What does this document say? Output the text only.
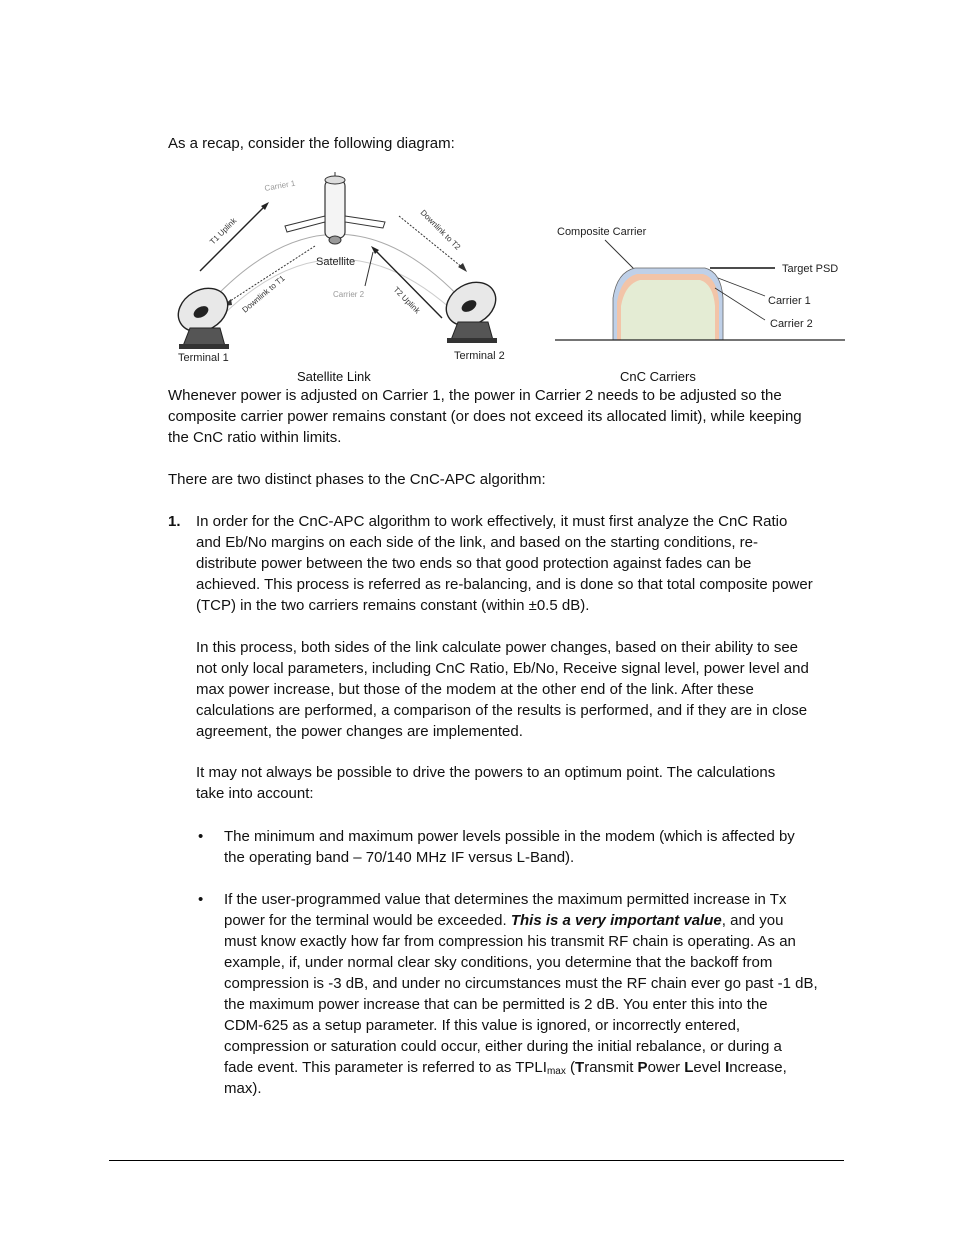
As a recap, consider the following diagram:
Satellite
Carrier 1
Carrier 2
T1 Uplink
Downlink to T1
Downlink to T2
T2 Uplink
Terminal 1	Terminal 2
Satellite Link
Composite Carrier
Target PSD
Carrier 1
Carrier 2
CnC Carriers
Whenever power is adjusted on Carrier 1, the power in Carrier 2 needs to be adjusted so the
composite carrier power remains constant (or does not exceed its allocated limit), while keeping
the CnC ratio within limits.
There are two distinct phases to the CnC-APC algorithm:
1. In order for the CnC-APC algorithm to work effectively, it must first analyze the CnC Ratio
and Eb/No margins on each side of the link, and based on the starting conditions, re-
distribute power between the two ends so that good protection against fades can be
achieved. This process is referred as re-balancing, and is done so that total composite power
(TCP) in the two carriers remains constant (within ±0.5 dB).
In this process, both sides of the link calculate power changes, based on their ability to see
not only local parameters, including CnC Ratio, Eb/No, Receive signal level, power level and
max power increase, but those of the modem at the other end of the link. After these
calculations are performed, a comparison of the results is performed, and if they are in close
agreement, the power changes are implemented.
It may not always be possible to drive the powers to an optimum point. The calculations
take into account:
• The minimum and maximum power levels possible in the modem (which is affected by
the operating band – 70/140 MHz IF versus L-Band).
• If the user-programmed value that determines the maximum permitted increase in Tx
power for the terminal would be exceeded. This is a very important value, and you
must know exactly how far from compression his transmit RF chain is operating. As an
example, if, under normal clear sky conditions, you determine that the backoff from
compression is -3 dB, and under no circumstances must the RF chain ever go past -1 dB,
the maximum power increase that can be permitted is 2 dB. You enter this into the
CDM-625 as a setup parameter. If this value is ignored, or incorrectly entered,
compression or saturation could occur, either during the initial rebalance, or during a
fade event. This parameter is referred to as $TPLI_{max}$ (Transmit Power Level Increase,
max).
